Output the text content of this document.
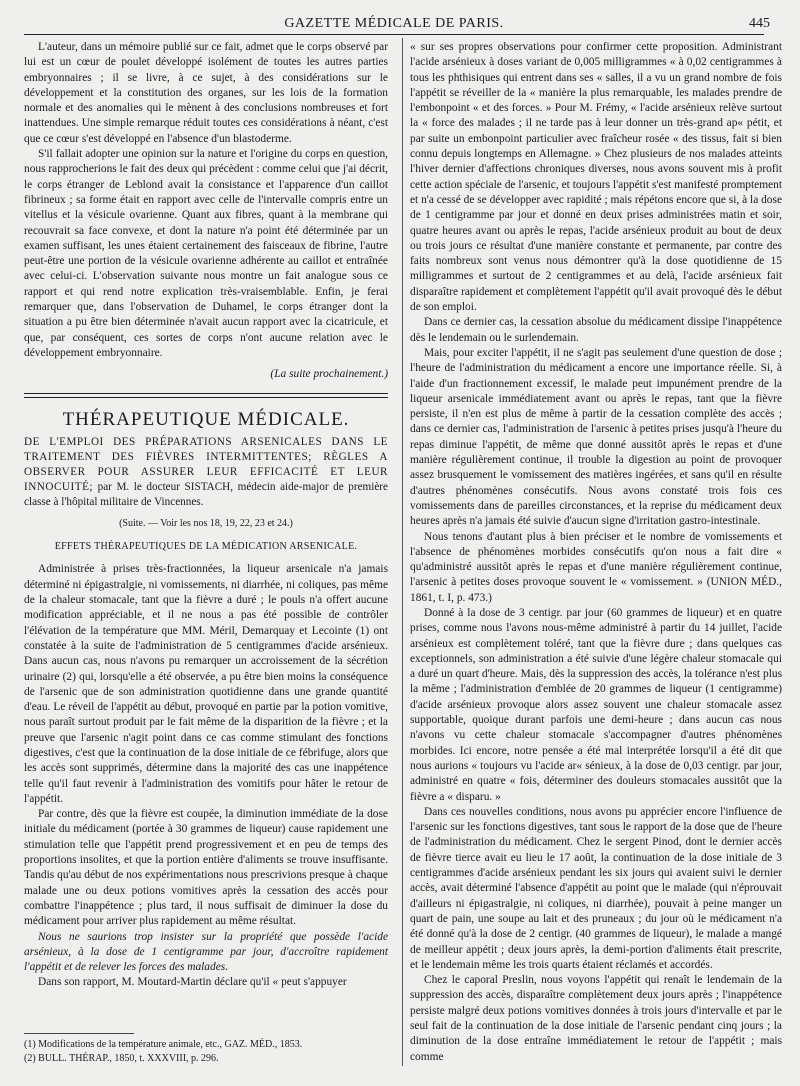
GAZETTE MÉDICALE DE PARIS.	445

L'auteur, dans un mémoire publié sur ce fait, admet que le corps observé par lui est un cœur de poulet développé isolément de toutes les autres parties embryonnaires ; il se livre, à ce sujet, à des considérations sur le développement et la constitution des organes, sur les lois de la formation normale et des anomalies qui le mènent à des conclusions nombreuses et fort inattendues. Une simple remarque réduit toutes ces considérations à néant, c'est que ce cœur s'est développé en l'absence d'un blastoderme.

S'il fallait adopter une opinion sur la nature et l'origine du corps en question, nous rapprocherions le fait des deux qui précèdent : comme celui que j'ai décrit, le corps étranger de Leblond avait la consistance et l'apparence d'un caillot fibrineux ; sa forme était en rapport avec celle de l'intervalle compris entre un vitellus et la vésicule ovarienne. Quant aux fibres, quant à la membrane qui recouvrait sa face convexe, et dont la nature n'a point été déterminée par un examen suffisant, les unes étaient certainement des faisceaux de fibrine, l'autre peut-être une portion de la vésicule ovarienne adhérente au caillot et entraînée avec celui-ci. L'observation suivante nous montre un fait analogue sous ce rapport et qui rend notre explication très-vraisemblable. Enfin, je ferai remarquer que, dans l'observation de Duhamel, le corps étranger dont la situation a pu être bien déterminée n'avait aucun rapport avec la cicatricule, et que, par conséquent, ces sortes de corps n'ont aucune relation avec le développement embryonnaire.

(La suite prochainement.)

THÉRAPEUTIQUE MÉDICALE.

DE L'EMPLOI DES PRÉPARATIONS ARSENICALES DANS LE TRAITEMENT DES FIÈVRES INTERMITTENTES; RÈGLES A OBSERVER POUR ASSURER LEUR EFFICACITÉ ET LEUR INNOCUITÉ; par M. le docteur SISTACH, médecin aide-major de première classe à l'hôpital militaire de Vincennes.

(Suite. — Voir les nos 18, 19, 22, 23 et 24.)

EFFETS THÉRAPEUTIQUES DE LA MÉDICATION ARSENICALE.

Administrée à prises très-fractionnées, la liqueur arsenicale n'a jamais déterminé ni épigastralgie, ni vomissements, ni diarrhée, ni coliques, pas même de la chaleur stomacale, tant que la fièvre a duré ; le pouls n'a offert aucune modification appréciable, et il ne nous a pas été possible de contrôler l'élévation de la température que MM. Méril, Demarquay et Lecointe (1) ont constatée à la suite de l'administration de 5 centigrammes d'acide arsénieux. Dans aucun cas, nous n'avons pu remarquer un accroissement de la sécrétion urinaire (2) qui, lorsqu'elle a été observée, a pu être bien moins la conséquence de l'arsenic que de son administration quotidienne dans une grande quantité d'eau. Le réveil de l'appétit au début, provoqué en partie par la potion vomitive, nous paraît surtout produit par le fait même de la disparition de la fièvre ; et la preuve que l'arsenic n'agit point dans ce cas comme stimulant des fonctions digestives, c'est que la continuation de la dose initiale de ce fébrifuge, alors que les accès sont supprimés, détermine dans la majorité des cas une inappétence telle qu'il faut revenir à l'administration des vomitifs pour hâter le retour de l'appétit.

Par contre, dès que la fièvre est coupée, la diminution immédiate de la dose initiale du médicament (portée à 30 grammes de liqueur) cause rapidement une stimulation telle que l'appétit prend progressivement et en peu de temps des proportions insolites, et que la portion entière d'aliments se trouve insuffisante. Tandis qu'au début de nos expérimentations nous prescrivions presque à chaque malade une ou deux potions vomitives après la cessation des accès pour combattre l'inappétence ; plus tard, il nous suffisait de diminuer la dose du médicament pour arriver plus rapidement au même résultat.

Nous ne saurions trop insister sur la propriété que possède l'acide arsénieux, à la dose de 1 centigramme par jour, d'accroître rapidement l'appétit et de relever les forces des malades.

Dans son rapport, M. Moutard-Martin déclare qu'il « peut s'appuyer

« sur ses propres observations pour confirmer cette proposition. Administrant l'acide arsénieux à doses variant de 0,005 milligrammes « à 0,02 centigrammes à tous les phthisiques qui entrent dans ses « salles, il a vu un grand nombre de fois l'appétit se réveiller de la « manière la plus remarquable, les malades prendre de l'embonpoint « et des forces. » Pour M. Frémy, « l'acide arsénieux relève surtout la « force des malades ; il ne tarde pas à leur donner un très-grand ap« pétit, et par suite un embonpoint particulier avec fraîcheur rosée « des tissus, fait si bien connu depuis longtemps en Allemagne. » Chez plusieurs de nos malades atteints l'hiver dernier d'affections chroniques diverses, nous avons souvent mis à profit cette action spéciale de l'arsenic, et toujours l'appétit s'est manifesté promptement et n'a cessé de se développer avec rapidité ; mais répétons encore que si, à la dose de 1 centigramme par jour et donné en deux prises administrées matin et soir, quatre heures avant ou après le repas, l'acide arsénieux produit au bout de deux ou trois jours ce résultat d'une manière constante et permanente, par contre des faits nombreux sont venus nous démontrer qu'à la dose quotidienne de 15 milligrammes et surtout de 2 centigrammes et au delà, l'acide arsénieux fait disparaître rapidement et complètement l'appétit qu'il avait provoqué dès le début de son emploi.

Dans ce dernier cas, la cessation absolue du médicament dissipe l'inappétence dès le lendemain ou le surlendemain.

Mais, pour exciter l'appétit, il ne s'agit pas seulement d'une question de dose ; l'heure de l'administration du médicament a encore une importance réelle. Si, à l'aide d'un fractionnement excessif, le malade peut impunément prendre de la liqueur arsenicale immédiatement avant ou après le repas, tant que la fièvre persiste, il n'en est plus de même à partir de la cessation complète des accès ; dans ce dernier cas, l'administration de l'arsenic à petites prises jusqu'à l'heure du repas diminue l'appétit, de même que donné aussitôt après le repas et d'une manière régulièrement continue, il trouble la digestion au point de provoquer assez brusquement le vomissement des matières ingérées, et sans qu'il en résulte d'autres phénomènes consécutifs. Nous avons constaté trois fois ces vomissements dans de pareilles circonstances, et la reprise du médicament deux heures après n'a jamais été suivie d'aucun signe d'irritation gastro-intestinale.

Nous tenons d'autant plus à bien préciser et le nombre de vomissements et l'absence de phénomènes morbides consécutifs qu'on nous a fait dire « qu'administré aussitôt après le repas et d'une manière régulièrement continue, l'arsenic à petites doses provoque souvent le « vomissement. » (UNION MÉD., 1861, t. I, p. 473.)

Donné à la dose de 3 centigr. par jour (60 grammes de liqueur) et en quatre prises, comme nous l'avons nous-même administré à partir du 14 juillet, l'acide arsénieux est complètement toléré, tant que la fièvre dure ; dans quelques cas exceptionnels, son administration a été suivie d'une légère chaleur stomacale qui a duré un quart d'heure. Mais, dès la suppression des accès, la tolérance n'est plus la même ; l'administration d'emblée de 20 grammes de liqueur (1 centigramme) d'acide arsénieux provoque alors assez souvent une chaleur stomacale assez supportable, quoique durant parfois une demi-heure ; dans aucun cas nous n'avons vu cette chaleur stomacale s'accompagner d'autres phénomènes morbides. Ici encore, notre pensée a été mal interprétée lorsqu'il a été dit que nous aurions « toujours vu l'acide ar« sénieux, à la dose de 0,03 centigr. par jour, administré en quatre « fois, déterminer des douleurs stomacales aussitôt que la fièvre a « disparu. »

Dans ces nouvelles conditions, nous avons pu apprécier encore l'influence de l'arsenic sur les fonctions digestives, tant sous le rapport de la dose que de l'heure de l'administration du médicament. Chez le sergent Pinod, dont le dernier accès de fièvre tierce avait eu lieu le 17 août, la continuation de la dose initiale de 3 centigrammes d'acide arsénieux pendant les six jours qui avaient suivi le dernier accès, avait déterminé l'absence d'appétit au point que le malade (qui n'éprouvait d'ailleurs ni épigastralgie, ni coliques, ni diarrhée), pouvait à peine manger un quart de pain, une soupe au lait et des pruneaux ; du jour où le médicament n'a été donné qu'à la dose de 2 centigr. (40 grammes de liqueur), le malade a mangé de meilleur appétit ; deux jours après, la demi-portion d'aliments était prescrite, et le lendemain même les trois quarts étaient réclamés et accordés.

Chez le caporal Preslin, nous voyons l'appétit qui renaît le lendemain de la suppression des accès, disparaître complètement deux jours après ; l'inappétence persiste malgré deux potions vomitives données à trois jours d'intervalle et par le seul fait de la continuation de la dose initiale de l'arsenic pendant cinq jours ; la diminution de la dose entraîne immédiatement le retour de l'appétit ; mais comme

(1) Modifications de la température animale, etc., GAZ. MÉD., 1853.
(2) BULL. THÉRAP., 1850, t. XXXVIII, p. 296.
